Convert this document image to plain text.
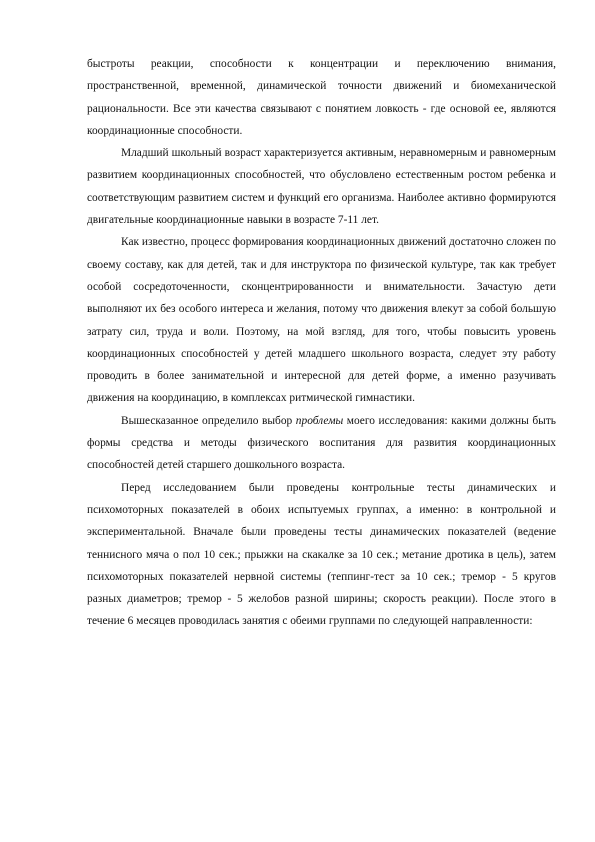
быстроты реакции, способности к концентрации и переключению внимания, пространственной, временной, динамической точности движений и биомеханической рациональности. Все эти качества связывают с понятием ловкость - где основой ее, являются координационные способности.

Младший школьный возраст характеризуется активным, неравномерным и равномерным развитием координационных способностей, что обусловлено естественным ростом ребенка и соответствующим развитием систем и функций его организма. Наиболее активно формируются двигательные координационные навыки в возрасте 7-11 лет.

Как известно, процесс формирования координационных движений достаточно сложен по своему составу, как для детей, так и для инструктора по физической культуре, так как требует особой сосредоточенности, сконцентрированности и внимательности. Зачастую дети выполняют их без особого интереса и желания, потому что движения влекут за собой большую затрату сил, труда и воли. Поэтому, на мой взгляд, для того, чтобы повысить уровень координационных способностей у детей младшего школьного возраста, следует эту работу проводить в более занимательной и интересной для детей форме, а именно разучивать движения на координацию, в комплексах ритмической гимнастики.

Вышесказанное определило выбор проблемы моего исследования: какими должны быть формы средства и методы физического воспитания для развития координационных способностей детей старшего дошкольного возраста.

Перед исследованием были проведены контрольные тесты динамических и психомоторных показателей в обоих испытуемых группах, а именно: в контрольной и экспериментальной. Вначале были проведены тесты динамических показателей (ведение теннисного мяча о пол 10 сек.; прыжки на скакалке за 10 сек.; метание дротика в цель), затем психомоторных показателей нервной системы (теппинг-тест за 10 сек.; тремор - 5 кругов разных диаметров; тремор - 5 желобов разной ширины; скорость реакции). После этого в течение 6 месяцев проводилась занятия с обеими группами по следующей направленности:
